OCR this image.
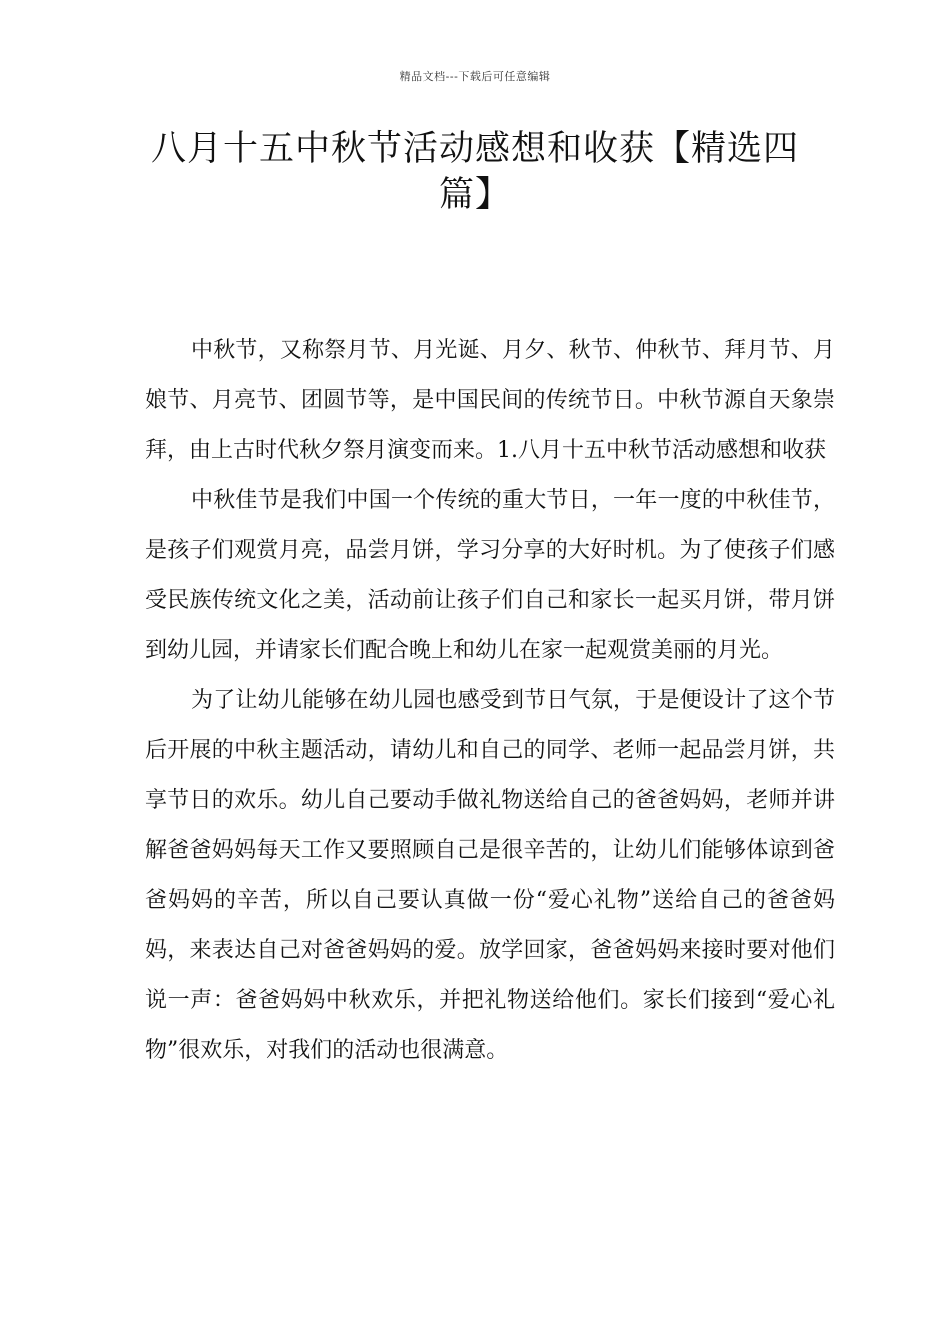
精品文档---下载后可任意编辑
八月十五中秋节活动感想和收获【精选四篇】

中秋节，又称祭月节、月光诞、月夕、秋节、仲秋节、拜月节、月娘节、月亮节、团圆节等，是中国民间的传统节日。中秋节源自天象崇拜，由上古时代秋夕祭月演变而来。1.八月十五中秋节活动感想和收获

中秋佳节是我们中国一个传统的重大节日，一年一度的中秋佳节，是孩子们观赏月亮，品尝月饼，学习分享的大好时机。为了使孩子们感受民族传统文化之美，活动前让孩子们自己和家长一起买月饼，带月饼到幼儿园，并请家长们配合晚上和幼儿在家一起观赏美丽的月光。

为了让幼儿能够在幼儿园也感受到节日气氛，于是便设计了这个节后开展的中秋主题活动，请幼儿和自己的同学、老师一起品尝月饼，共享节日的欢乐。幼儿自己要动手做礼物送给自己的爸爸妈妈，老师并讲解爸爸妈妈每天工作又要照顾自己是很辛苦的，让幼儿们能够体谅到爸爸妈妈的辛苦，所以自己要认真做一份“爱心礼物”送给自己的爸爸妈妈，来表达自己对爸爸妈妈的爱。放学回家，爸爸妈妈来接时要对他们说一声：爸爸妈妈中秋欢乐，并把礼物送给他们。家长们接到“爱心礼物”很欢乐，对我们的活动也很满意。
